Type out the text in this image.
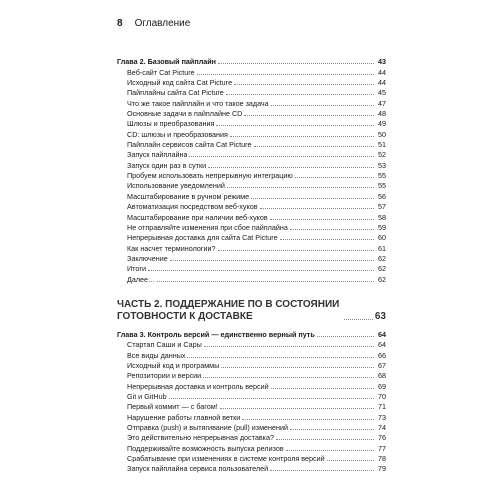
8 Оглавление
Глава 2. Базовый пайплайн	43
Веб-сайт Cat Picture	44
Исходный код сайта Cat Picture	44
Пайплайны сайта Cat Picture	45
Что же такое пайплайн и что такое задача	47
Основные задачи в пайплайне CD	48
Шлюзы и преобразования	49
CD: шлюзы и преобразования	50
Пайплайн сервисов сайта Cat Picture	51
Запуск пайплайна	52
Запуск один раз в сутки	53
Пробуем использовать непрерывную интеграцию	55
Использование уведомлений	55
Масштабирование в ручном режиме	56
Автоматизация посредством веб-хуков	57
Масштабирование при наличии веб-хуков	58
Не отправляйте изменения при сбое пайплайна	59
Непрерывная доставка для сайта Cat Picture	60
Как насчет терминологии?	61
Заключение	62
Итоги	62
Далее…	62
ЧАСТЬ 2. ПОДДЕРЖАНИЕ ПО В СОСТОЯНИИ ГОТОВНОСТИ К ДОСТАВКЕ	63
Глава 3. Контроль версий — единственно верный путь	64
Стартап Саши и Сары	64
Все виды данных	66
Исходный код и программы	67
Репозитории и версии	68
Непрерывная доставка и контроль версий	69
Git и GitHub	70
Первый коммит — с багом!	71
Нарушение работы главной ветки	73
Отправка (push) и вытягивание (pull) изменений	74
Это действительно непрерывная доставка?	76
Поддерживайте возможность выпуска релизов	77
Срабатывание при изменениях в системе контроля версий	78
Запуск пайплайна сервиса пользователей	79
